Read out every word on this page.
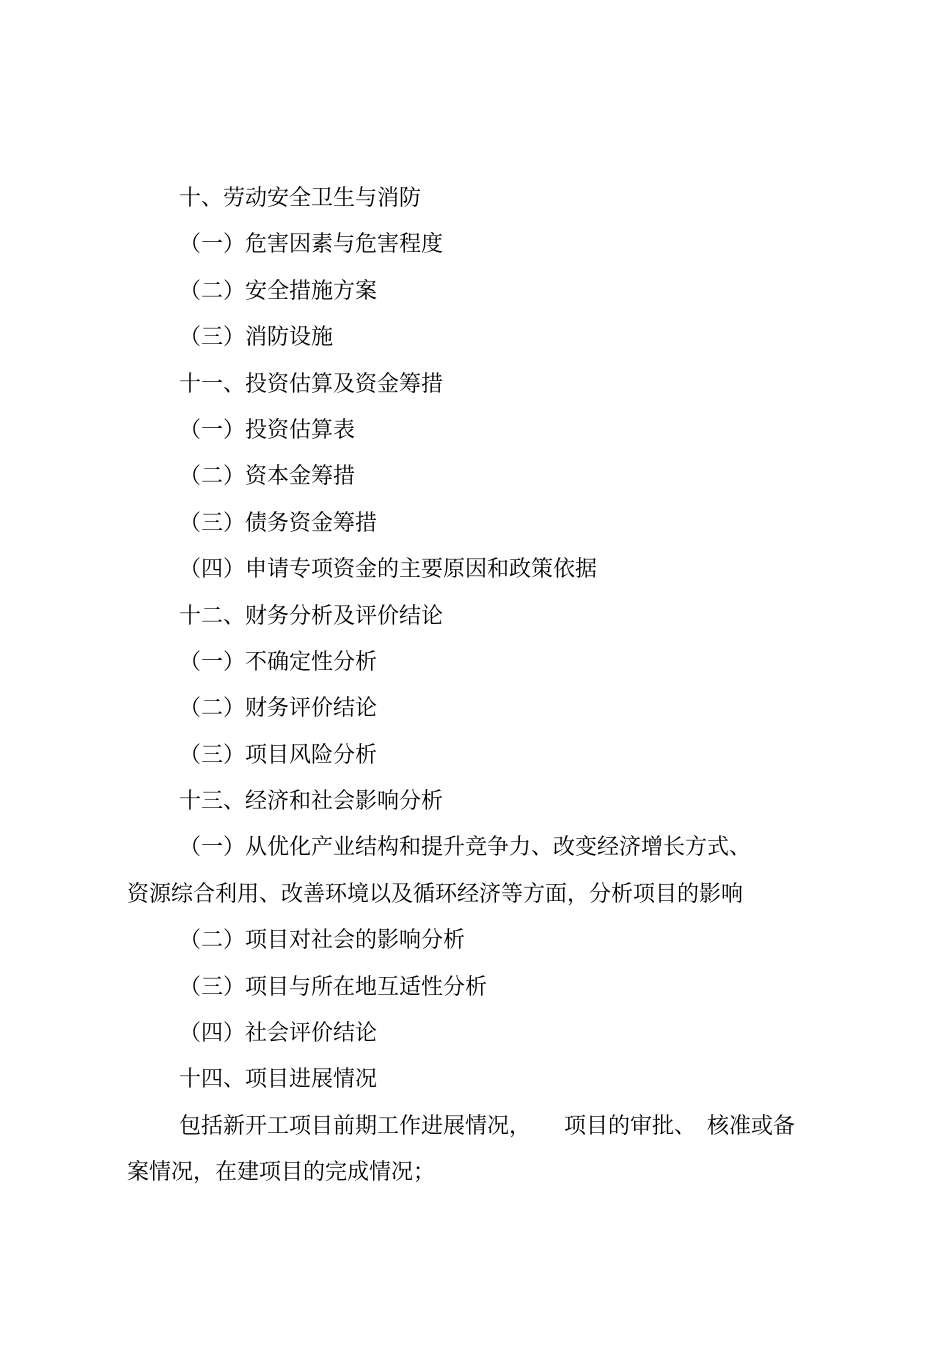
十、劳动安全卫生与消防

（一）危害因素与危害程度

（二）安全措施方案

（三）消防设施

十一、投资估算及资金筹措

（一）投资估算表

（二）资本金筹措

（三）债务资金筹措

（四）申请专项资金的主要原因和政策依据

十二、财务分析及评价结论

（一）不确定性分析

（二）财务评价结论

（三）项目风险分析

十三、经济和社会影响分析

（一）从优化产业结构和提升竞争力、改变经济增长方式、

资源综合利用、改善环境以及循环经济等方面，分析项目的影响

（二）项目对社会的影响分析

（三）项目与所在地互适性分析

（四）社会评价结论

十四、项目进展情况

包括新开工项目前期工作进展情况，　　项目的审批、　核准或备

案情况，在建项目的完成情况；
